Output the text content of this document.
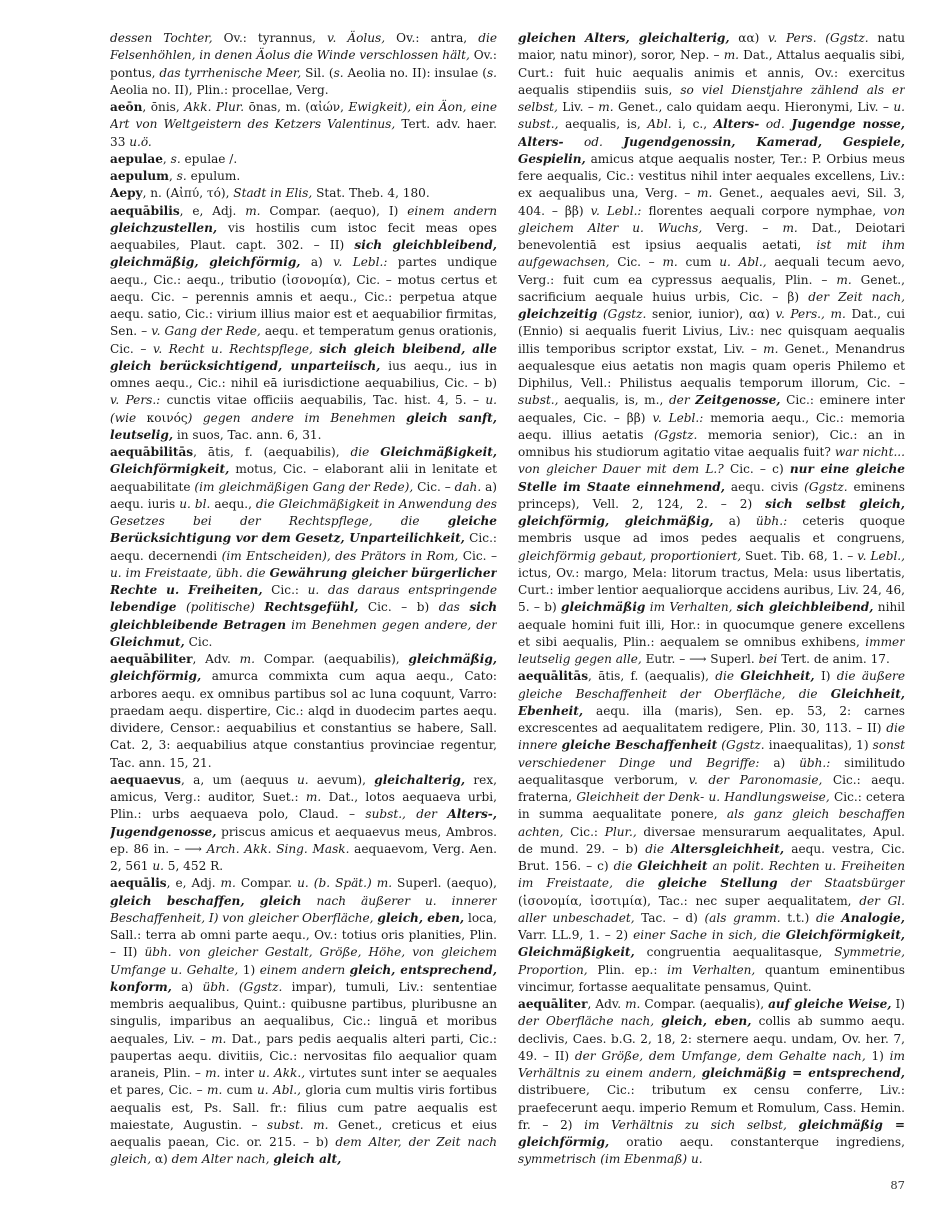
dessen Tochter, Ov.: tyrannus, v. Äolus, Ov.: antra, die Felsenhöhlen, in denen Äolus die Winde verschlossen hält, Ov.: pontus, das tyrrhenische Meer, Sil. (s. Aeolia no. II): insulae (s. Aeolia no. II), Plin.: procellae, Verg.

aeōn, ōnis, Akk. Plur. ōnas, m. (αἰών, Ewigkeit), ein Äon, eine Art von Weltgeistern des Ketzers Valentinus, Tert. adv. haer. 33 u.ö.

aepulae, s. epulae /.

aepulum, s. epulum.

Aepy, n. (Αἰπύ, τό), Stadt in Elis, Stat. Theb. 4, 180.

aequābilis, e, Adj. m. Compar. (aequo), I) einem andern gleichzustellen, vis hostilis cum istoc fecit meas opes aequabiles, Plaut. capt. 302. – II) sich gleichbleibend, gleichmäßig, gleichförmig, a) v. Lebl.: partes undique aequ., Cic.: aequ., tributio (ἰσονομία), Cic. – motus certus et aequ. Cic. – perennis amnis et aequ., Cic.: perpetua atque aequ. satio, Cic.: virium illius maior est et aequabilior firmitas, Sen. – v. Gang der Rede, aequ. et temperatum genus orationis, Cic. – v. Recht u. Rechtspflege, sich gleich bleibend, alle gleich berücksichtigend, unparteiisch, ius aequ., ius in omnes aequ., Cic.: nihil eā iurisdictione aequabilius, Cic. – b) v. Pers.: cunctis vitae officiis aequabilis, Tac. hist. 4, 5. – u. (wie κοινός) gegen andere im Benehmen gleich sanft, leutselig, in suos, Tac. ann. 6, 31.

aequābilitās, ātis, f. (aequabilis), die Gleichmäßigkeit, Gleichförmigkeit, motus, Cic. – elaborant alii in lenitate et aequabilitate (im gleichmäßigen Gang der Rede), Cic. – dah. a) aequ. iuris u. bl. aequ., die Gleichmäßigkeit in Anwendung des Gesetzes bei der Rechtspflege, die gleiche Berücksichtigung vor dem Gesetz, Unparteilichkeit, Cic.: aequ. decernendi (im Entscheiden), des Prätors in Rom, Cic. – u. im Freistaate, übh. die Gewährung gleicher bürgerlicher Rechte u. Freiheiten, Cic.: u. das daraus entspringende lebendige (politische) Rechtsgefühl, Cic. – b) das sich gleichbleibende Betragen im Benehmen gegen andere, der Gleichmut, Cic.

aequābiliter, Adv. m. Compar. (aequabilis), gleichmäßig, gleichförmig, amurca commixta cum aqua aequ., Cato: arbores aequ. ex omnibus partibus sol ac luna coquunt, Varro: praedam aequ. dispertire, Cic.: alqd in duodecim partes aequ. dividere, Censor.: aequabilius et constantius se habere, Sall. Cat. 2, 3: aequabilius atque constantius provinciae regentur, Tac. ann. 15, 21.

aequaevus, a, um (aequus u. aevum), gleichalterig, rex, amicus, Verg.: auditor, Suet.: m. Dat., lotos aequaeva urbi, Plin.: urbs aequaeva polo, Claud. – subst., der Alters-, Jugendgenosse, priscus amicus et aequaevus meus, Ambros. ep. 86 in. – ⟶ Arch. Akk. Sing. Mask. aequaevom, Verg. Aen. 2, 561 u. 5, 452 R.

aequālis, e, Adj. m. Compar. u. (b. Spät.) m. Superl. (aequo), gleich beschaffen, gleich nach äußerer u. innerer Beschaffenheit, I) von gleicher Oberfläche, gleich, eben, loca, Sall.: terra ab omni parte aequ., Ov.: totius oris planities, Plin. – II) übh. von gleicher Gestalt, Größe, Höhe, von gleichem Umfange u. Gehalte, 1) einem andern gleich, entsprechend, konform, a) übh. (Ggstz. impar), tumuli, Liv.: sententiae membris aequalibus, Quint.: quibusne partibus, pluribusne an singulis, imparibus an aequalibus, Cic.: linguā et moribus aequales, Liv. – m. Dat., pars pedis aequalis alteri parti, Cic.: paupertas aequ. divitiis, Cic.: nervositas filo aequalior quam araneis, Plin. – m. inter u. Akk., virtutes sunt inter se aequales et pares, Cic. – m. cum u. Abl., gloria cum multis viris fortibus aequalis est, Ps. Sall. fr.: filius cum patre aequalis est maiestate, Augustin. – subst. m. Genet., creticus et eius aequalis paean, Cic. or. 215. – b) dem Alter, der Zeit nach gleich, α) dem Alter nach, gleich alt,

gleichen Alters, gleichalterig, αα) v. Pers. (Ggstz. natu maior, natu minor), soror, Nep. – m. Dat., Attalus aequalis sibi, Curt.: fuit huic aequalis animis et annis, Ov.: exercitus aequalis stipendiis suis, so viel Dienstjahre zählend als er selbst, Liv. – m. Genet., calo quidam aequ. Hieronymi, Liv. – u. subst., aequalis, is, Abl. i, c., Alters- od. Jugendge nosse, Alters- od. Jugendgenossin, Kamerad, Gespiele, Gespielin, amicus atque aequalis noster, Ter.: P. Orbius meus fere aequalis, Cic.: vestitus nihil inter aequales excellens, Liv.: ex aequalibus una, Verg. – m. Genet., aequales aevi, Sil. 3, 404. – ββ) v. Lebl.: florentes aequali corpore nymphae, von gleichem Alter u. Wuchs, Verg. – m. Dat., Deiotari benevolentiā est ipsius aequalis aetati, ist mit ihm aufgewachsen, Cic. – m. cum u. Abl., aequali tecum aevo, Verg.: fuit cum ea cypressus aequalis, Plin. – m. Genet., sacrificium aequale huius urbis, Cic. – β) der Zeit nach, gleichzeitig (Ggstz. senior, iunior), αα) v. Pers., m. Dat., cui (Ennio) si aequalis fuerit Livius, Liv.: nec quisquam aequalis illis temporibus scriptor exstat, Liv. – m. Genet., Menandrus aequalesque eius aetatis non magis quam operis Philemo et Diphilus, Vell.: Philistus aequalis temporum illorum, Cic. – subst., aequalis, is, m., der Zeitgenosse, Cic.: eminere inter aequales, Cic. – ββ) v. Lebl.: memoria aequ., Cic.: memoria aequ. illius aetatis (Ggstz. memoria senior), Cic.: an in omnibus his studiorum agitatio vitae aequalis fuit? war nicht... von gleicher Dauer mit dem L.? Cic. – c) nur eine gleiche Stelle im Staate einnehmend, aequ. civis (Ggstz. eminens princeps), Vell. 2, 124, 2. – 2) sich selbst gleich, gleichförmig, gleichmäßig, a) übh.: ceteris quoque membris usque ad imos pedes aequalis et congruens, gleichförmig gebaut, proportioniert, Suet. Tib. 68, 1. – v. Lebl., ictus, Ov.: margo, Mela: litorum tractus, Mela: usus libertatis, Curt.: imber lentior aequaliorque accidens auribus, Liv. 24, 46, 5. – b) gleichmäßig im Verhalten, sich gleichbleibend, nihil aequale homini fuit illi, Hor.: in quocumque genere excellens et sibi aequalis, Plin.: aequalem se omnibus exhibens, immer leutselig gegen alle, Eutr. – ⟶ Superl. bei Tert. de anim. 17.

aequālitās, ātis, f. (aequalis), die Gleichheit, I) die äußere gleiche Beschaffenheit der Oberfläche, die Gleichheit, Ebenheit, aequ. illa (maris), Sen. ep. 53, 2: carnes excrescentes ad aequalitatem redigere, Plin. 30, 113. – II) die innere gleiche Beschaffenheit (Ggstz. inaequalitas), 1) sonst verschiedener Dinge und Begriffe: a) übh.: similitudo aequalitasque verborum, v. der Paronomasie, Cic.: aequ. fraterna, Gleichheit der Denk- u. Handlungsweise, Cic.: cetera in summa aequalitate ponere, als ganz gleich beschaffen achten, Cic.: Plur., diversae mensurarum aequalitates, Apul. de mund. 29. – b) die Altersgleichheit, aequ. vestra, Cic. Brut. 156. – c) die Gleichheit an polit. Rechten u. Freiheiten im Freistaate, die gleiche Stellung der Staatsbürger (ἰσονομία, ἰσοτιμία), Tac.: nec super aequalitatem, der Gl. aller unbeschadet, Tac. – d) (als gramm. t.t.) die Analogie, Varr. LL.9, 1. – 2) einer Sache in sich, die Gleichförmigkeit, Gleichmäßigkeit, congruentia aequalitasque, Symmetrie, Proportion, Plin. ep.: im Verhalten, quantum eminentibus vincimur, fortasse aequalitate pensamus, Quint.

aequāliter, Adv. m. Compar. (aequalis), auf gleiche Weise, I) der Oberfläche nach, gleich, eben, collis ab summo aequ. declivis, Caes. b.G. 2, 18, 2: sternere aequ. undam, Ov. her. 7, 49. – II) der Größe, dem Umfange, dem Gehalte nach, 1) im Verhältnis zu einem andern, gleichmäßig = entsprechend, distribuere, Cic.: tributum ex censu conferre, Liv.: praefecerunt aequ. imperio Remum et Romulum, Cass. Hemin. fr. – 2) im Verhältnis zu sich selbst, gleichmäßig = gleichförmig, oratio aequ. constanterque ingrediens, symmetrisch (im Ebenmaß) u.

87
